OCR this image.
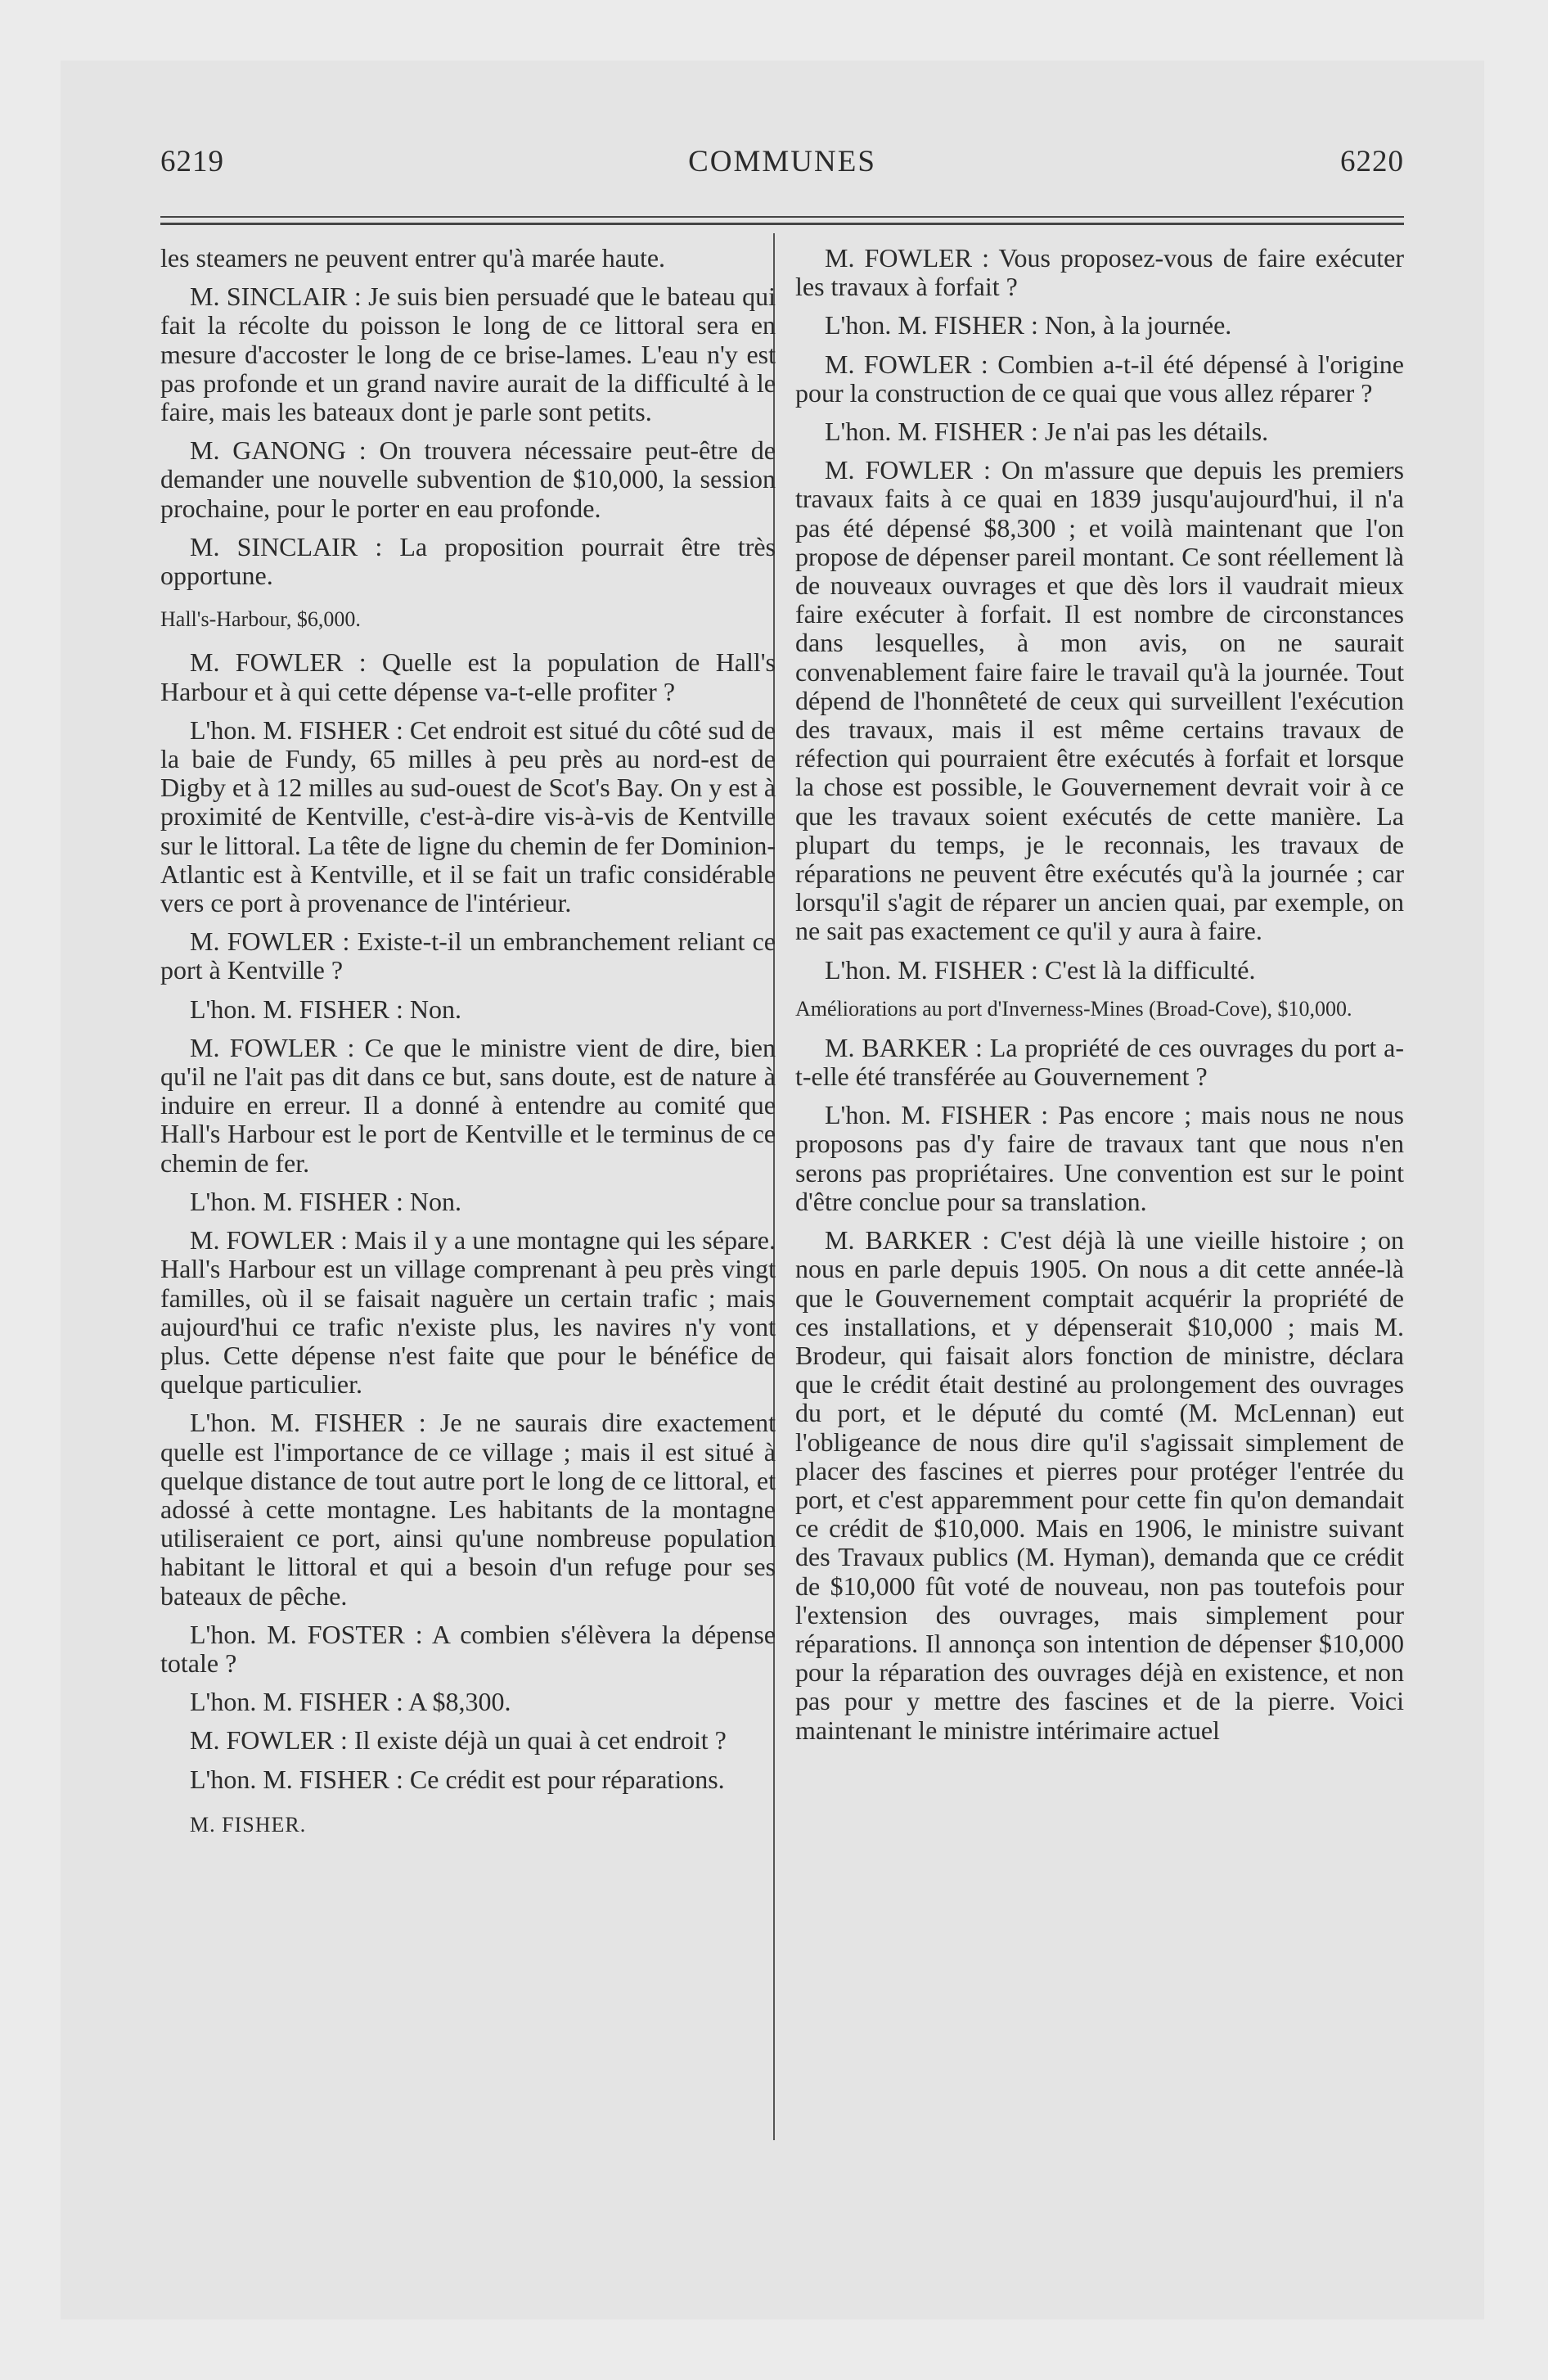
6219	COMMUNES	6220

les steamers ne peuvent entrer qu'à marée haute.

M. SINCLAIR : Je suis bien persuadé que le bateau qui fait la récolte du poisson le long de ce littoral sera en mesure d'accoster le long de ce brise-lames. L'eau n'y est pas profonde et un grand navire aurait de la difficulté à le faire, mais les bateaux dont je parle sont petits.

M. GANONG : On trouvera nécessaire peut-être de demander une nouvelle subvention de $10,000, la session prochaine, pour le porter en eau profonde.

M. SINCLAIR : La proposition pourrait être très opportune.

Hall's-Harbour, $6,000.

M. FOWLER : Quelle est la population de Hall's Harbour et à qui cette dépense va-t-elle profiter ?

L'hon. M. FISHER : Cet endroit est situé du côté sud de la baie de Fundy, 65 milles à peu près au nord-est de Digby et à 12 milles au sud-ouest de Scot's Bay. On y est à proximité de Kentville, c'est-à-dire vis-à-vis de Kentville sur le littoral. La tête de ligne du chemin de fer Dominion-Atlantic est à Kentville, et il se fait un trafic considérable vers ce port à provenance de l'intérieur.

M. FOWLER : Existe-t-il un embranchement reliant ce port à Kentville ?

L'hon. M. FISHER : Non.

M. FOWLER : Ce que le ministre vient de dire, bien qu'il ne l'ait pas dit dans ce but, sans doute, est de nature à induire en erreur. Il a donné à entendre au comité que Hall's Harbour est le port de Kentville et le terminus de ce chemin de fer.

L'hon. M. FISHER : Non.

M. FOWLER : Mais il y a une montagne qui les sépare. Hall's Harbour est un village comprenant à peu près vingt familles, où il se faisait naguère un certain trafic ; mais aujourd'hui ce trafic n'existe plus, les navires n'y vont plus. Cette dépense n'est faite que pour le bénéfice de quelque particulier.

L'hon. M. FISHER : Je ne saurais dire exactement quelle est l'importance de ce village ; mais il est situé à quelque distance de tout autre port le long de ce littoral, et adossé à cette montagne. Les habitants de la montagne utiliseraient ce port, ainsi qu'une nombreuse population habitant le littoral et qui a besoin d'un refuge pour ses bateaux de pêche.

L'hon. M. FOSTER : A combien s'élèvera la dépense totale ?

L'hon. M. FISHER : A $8,300.

M. FOWLER : Il existe déjà un quai à cet endroit ?

L'hon. M. FISHER : Ce crédit est pour réparations.

M. FISHER.

M. FOWLER : Vous proposez-vous de faire exécuter les travaux à forfait ?

L'hon. M. FISHER : Non, à la journée.

M. FOWLER : Combien a-t-il été dépensé à l'origine pour la construction de ce quai que vous allez réparer ?

L'hon. M. FISHER : Je n'ai pas les détails.

M. FOWLER : On m'assure que depuis les premiers travaux faits à ce quai en 1839 jusqu'aujourd'hui, il n'a pas été dépensé $8,300 ; et voilà maintenant que l'on propose de dépenser pareil montant. Ce sont réellement là de nouveaux ouvrages et que dès lors il vaudrait mieux faire exécuter à forfait. Il est nombre de circonstances dans lesquelles, à mon avis, on ne saurait convenablement faire faire le travail qu'à la journée. Tout dépend de l'honnêteté de ceux qui surveillent l'exécution des travaux, mais il est même certains travaux de réfection qui pourraient être exécutés à forfait et lorsque la chose est possible, le Gouvernement devrait voir à ce que les travaux soient exécutés de cette manière. La plupart du temps, je le reconnais, les travaux de réparations ne peuvent être exécutés qu'à la journée ; car lorsqu'il s'agit de réparer un ancien quai, par exemple, on ne sait pas exactement ce qu'il y aura à faire.

L'hon. M. FISHER : C'est là la difficulté.

Améliorations au port d'Inverness-Mines (Broad-Cove), $10,000.

M. BARKER : La propriété de ces ouvrages du port a-t-elle été transférée au Gouvernement ?

L'hon. M. FISHER : Pas encore ; mais nous ne nous proposons pas d'y faire de travaux tant que nous n'en serons pas propriétaires. Une convention est sur le point d'être conclue pour sa translation.

M. BARKER : C'est déjà là une vieille histoire ; on nous en parle depuis 1905. On nous a dit cette année-là que le Gouvernement comptait acquérir la propriété de ces installations, et y dépenserait $10,000 ; mais M. Brodeur, qui faisait alors fonction de ministre, déclara que le crédit était destiné au prolongement des ouvrages du port, et le député du comté (M. McLennan) eut l'obligeance de nous dire qu'il s'agissait simplement de placer des fascines et pierres pour protéger l'entrée du port, et c'est apparemment pour cette fin qu'on demandait ce crédit de $10,000. Mais en 1906, le ministre suivant des Travaux publics (M. Hyman), demanda que ce crédit de $10,000 fût voté de nouveau, non pas toutefois pour l'extension des ouvrages, mais simplement pour réparations. Il annonça son intention de dépenser $10,000 pour la réparation des ouvrages déjà en existence, et non pas pour y mettre des fascines et de la pierre. Voici maintenant le ministre intérimaire actuel
